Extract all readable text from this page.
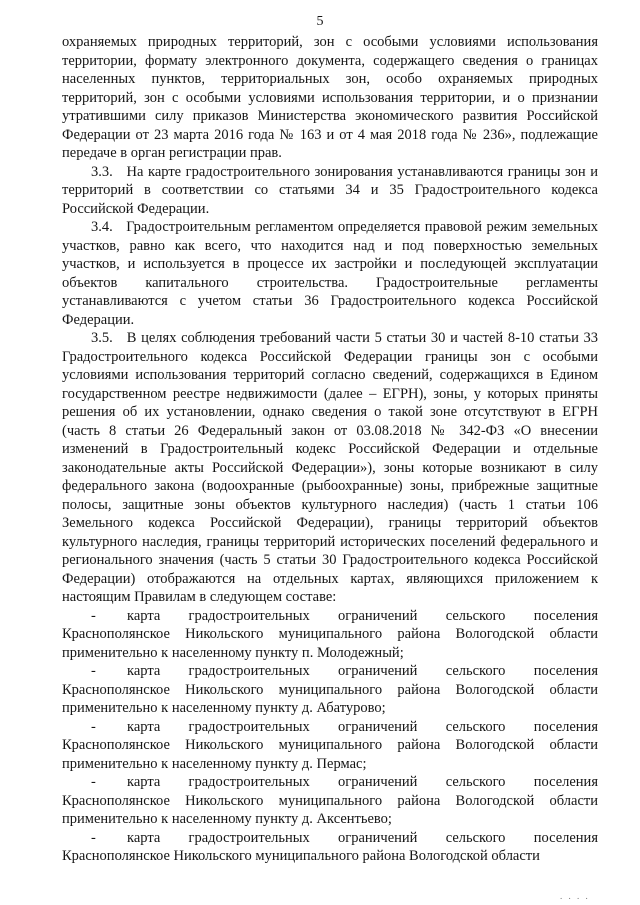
5

охраняемых природных территорий, зон с особыми условиями использования территории, формату электронного документа, содержащего сведения о границах населенных пунктов, территориальных зон, особо охраняемых природных территорий, зон с особыми условиями использования территории, и о признании утратившими силу приказов Министерства экономического развития Российской Федерации от 23 марта 2016 года № 163 и от 4 мая 2018 года № 236», подлежащие передаче в орган регистрации прав.

3.3.   На карте градостроительного зонирования устанавливаются границы зон и территорий в соответствии со статьями 34 и 35 Градостроительного кодекса Российской Федерации.

3.4.   Градостроительным регламентом определяется правовой режим земельных участков, равно как всего, что находится над и под поверхностью земельных участков, и используется в процессе их застройки и последующей эксплуатации объектов капитального строительства. Градостроительные регламенты устанавливаются с учетом статьи 36 Градостроительного кодекса Российской Федерации.

3.5.   В целях соблюдения требований части 5 статьи 30 и частей 8-10 статьи 33 Градостроительного кодекса Российской Федерации границы зон с особыми условиями использования территорий согласно сведений, содержащихся в Едином государственном реестре недвижимости (далее – ЕГРН), зоны, у которых приняты решения об их установлении, однако сведения о такой зоне отсутствуют в ЕГРН (часть 8 статьи 26 Федеральный закон от 03.08.2018 № 342-ФЗ «О внесении изменений в Градостроительный кодекс Российской Федерации и отдельные законодательные акты Российской Федерации»), зоны которые возникают в силу федерального закона (водоохранные (рыбоохранные) зоны, прибрежные защитные полосы, защитные зоны объектов культурного наследия) (часть 1 статьи 106 Земельного кодекса Российской Федерации), границы территорий объектов культурного наследия, границы территорий исторических поселений федерального и регионального значения (часть 5 статьи 30 Градостроительного кодекса Российской Федерации) отображаются на отдельных картах, являющихся приложением к настоящим Правилам в следующем составе:

- карта градостроительных ограничений сельского поселения Краснополянское Никольского муниципального района Вологодской области применительно к населенному пункту п. Молодежный;

- карта градостроительных ограничений сельского поселения Краснополянское Никольского муниципального района Вологодской области применительно к населенному пункту д. Абатурово;

- карта градостроительных ограничений сельского поселения Краснополянское Никольского муниципального района Вологодской области применительно к населенному пункту д. Пермас;

- карта градостроительных ограничений сельского поселения Краснополянское Никольского муниципального района Вологодской области применительно к населенному пункту д. Аксентьево;

- карта градостроительных ограничений сельского поселения Краснополянское Никольского муниципального района Вологодской области

. . . .
